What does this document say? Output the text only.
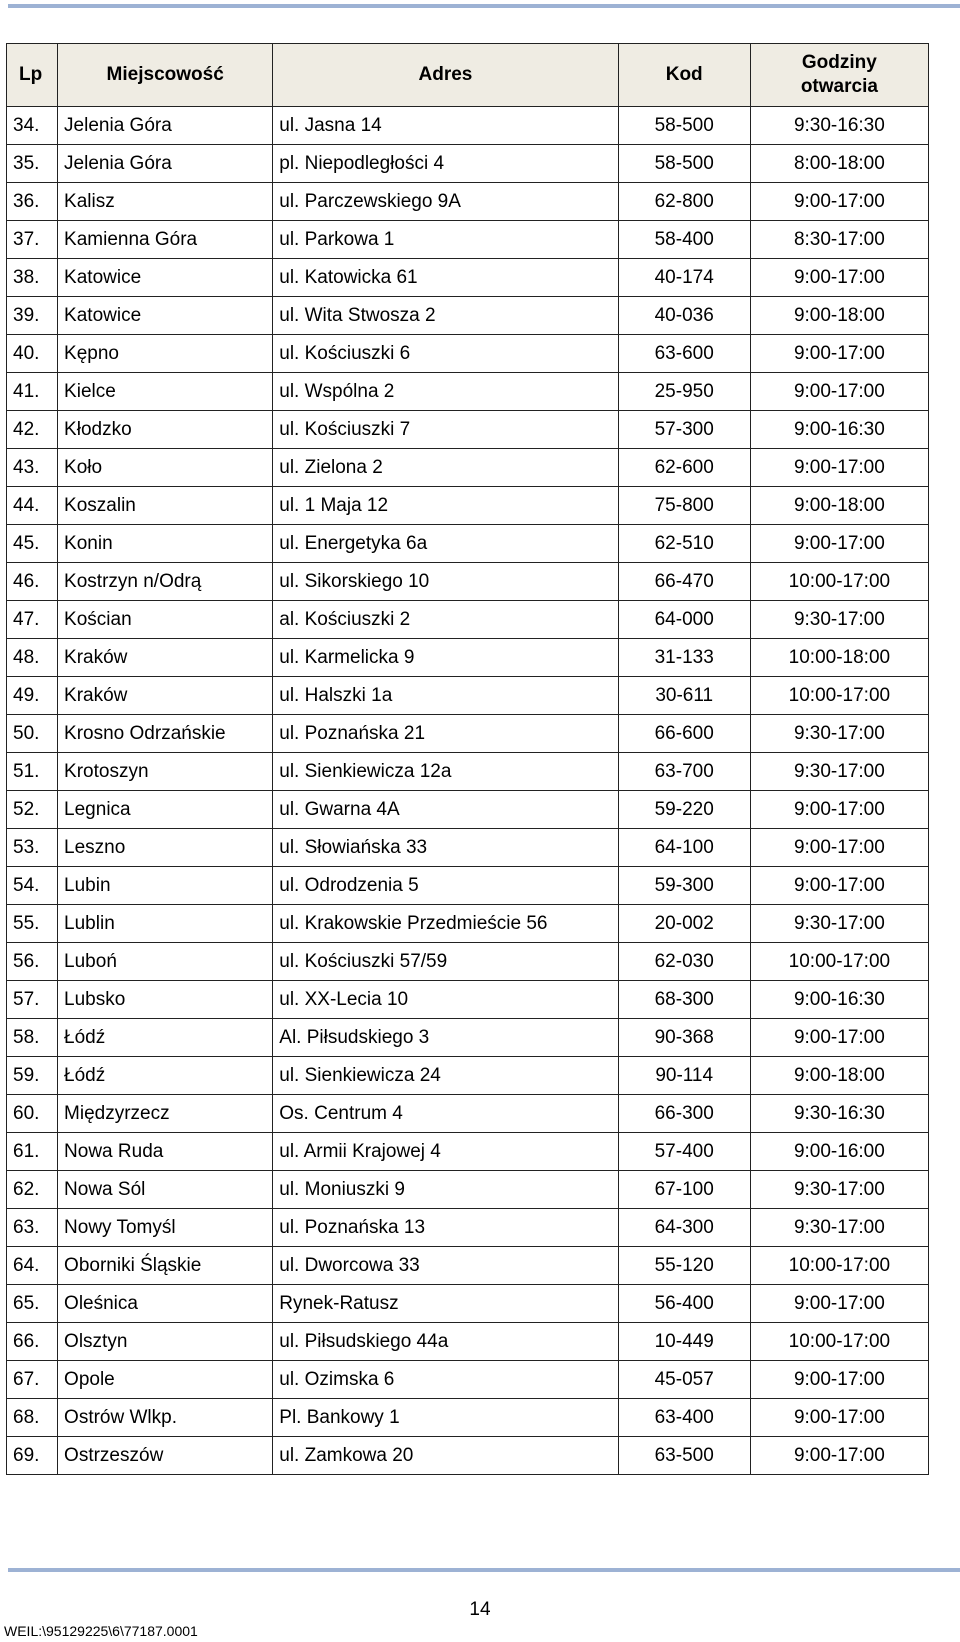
Lp	Miejscowość	Adres	Kod	Godziny
otwarcia
34.	Jelenia Góra	ul. Jasna 14	58-500	9:30-16:30
35.	Jelenia Góra	pl. Niepodległości 4	58-500	8:00-18:00
36.	Kalisz	ul. Parczewskiego 9A	62-800	9:00-17:00
37.	Kamienna Góra	ul. Parkowa 1	58-400	8:30-17:00
38.	Katowice	ul. Katowicka 61	40-174	9:00-17:00
39.	Katowice	ul. Wita Stwosza 2	40-036	9:00-18:00
40.	Kępno	ul. Kościuszki 6	63-600	9:00-17:00
41.	Kielce	ul. Wspólna 2	25-950	9:00-17:00
42.	Kłodzko	ul. Kościuszki 7	57-300	9:00-16:30
43.	Koło	ul. Zielona 2	62-600	9:00-17:00
44.	Koszalin	ul. 1 Maja 12	75-800	9:00-18:00
45.	Konin	ul. Energetyka 6a	62-510	9:00-17:00
46.	Kostrzyn n/Odrą	ul. Sikorskiego 10	66-470	10:00-17:00
47.	Kościan	al. Kościuszki 2	64-000	9:30-17:00
48.	Kraków	ul. Karmelicka 9	31-133	10:00-18:00
49.	Kraków	ul. Halszki 1a	30-611	10:00-17:00
50.	Krosno Odrzańskie	ul. Poznańska 21	66-600	9:30-17:00
51.	Krotoszyn	ul. Sienkiewicza 12a	63-700	9:30-17:00
52.	Legnica	ul. Gwarna 4A	59-220	9:00-17:00
53.	Leszno	ul. Słowiańska 33	64-100	9:00-17:00
54.	Lubin	ul. Odrodzenia 5	59-300	9:00-17:00
55.	Lublin	ul. Krakowskie Przedmieście 56	20-002	9:30-17:00
56.	Luboń	ul. Kościuszki 57/59	62-030	10:00-17:00
57.	Lubsko	ul. XX-Lecia 10	68-300	9:00-16:30
58.	Łódź	Al. Piłsudskiego 3	90-368	9:00-17:00
59.	Łódź	ul. Sienkiewicza 24	90-114	9:00-18:00
60.	Międzyrzecz	Os. Centrum 4	66-300	9:30-16:30
61.	Nowa Ruda	ul. Armii Krajowej 4	57-400	9:00-16:00
62.	Nowa Sól	ul. Moniuszki 9	67-100	9:30-17:00
63.	Nowy Tomyśl	ul. Poznańska 13	64-300	9:30-17:00
64.	Oborniki Śląskie	ul. Dworcowa 33	55-120	10:00-17:00
65.	Oleśnica	Rynek-Ratusz	56-400	9:00-17:00
66.	Olsztyn	ul. Piłsudskiego 44a	10-449	10:00-17:00
67.	Opole	ul. Ozimska 6	45-057	9:00-17:00
68.	Ostrów Wlkp.	Pl. Bankowy 1	63-400	9:00-17:00
69.	Ostrzeszów	ul. Zamkowa 20	63-500	9:00-17:00
14
WEIL:\95129225\6\77187.0001
